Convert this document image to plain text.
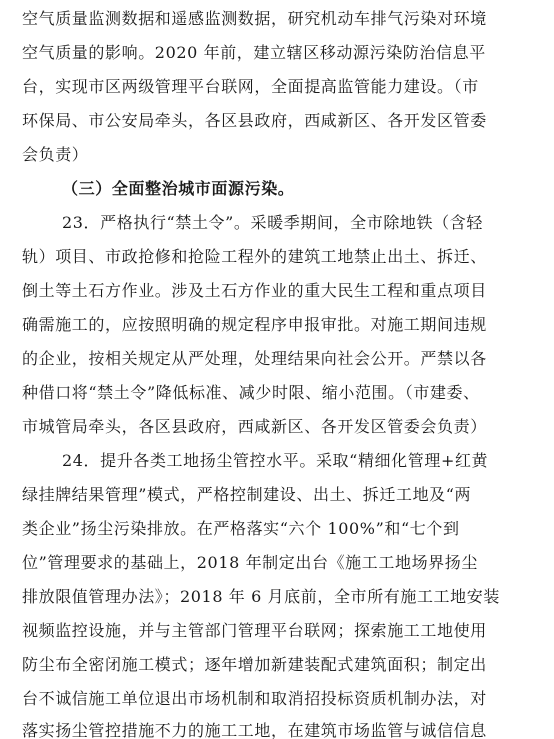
空气质量监测数据和遥感监测数据，研究机动车排气污染对环境
空气质量的影响。2020 年前，建立辖区移动源污染防治信息平
台，实现市区两级管理平台联网，全面提高监管能力建设。（市
环保局、市公安局牵头，各区县政府，西咸新区、各开发区管委
会负责）
（三）全面整治城市面源污染。
23．严格执行“禁土令”。采暖季期间，全市除地铁（含轻
轨）项目、市政抢修和抢险工程外的建筑工地禁止出土、拆迁、
倒土等土石方作业。涉及土石方作业的重大民生工程和重点项目
确需施工的，应按照明确的规定程序申报审批。对施工期间违规
的企业，按相关规定从严处理，处理结果向社会公开。严禁以各
种借口将“禁土令”降低标准、减少时限、缩小范围。（市建委、
市城管局牵头，各区县政府，西咸新区、各开发区管委会负责）
24．提升各类工地扬尘管控水平。采取“精细化管理+红黄
绿挂牌结果管理”模式，严格控制建设、出土、拆迁工地及“两
类企业”扬尘污染排放。在严格落实“六个 100%”和“七个到
位”管理要求的基础上，2018 年制定出台《施工工地场界扬尘
排放限值管理办法》；2018 年 6 月底前，全市所有施工工地安装
视频监控设施，并与主管部门管理平台联网；探索施工工地使用
防尘布全密闭施工模式；逐年增加新建装配式建筑面积；制定出
台不诚信施工单位退出市场机制和取消招投标资质机制办法，对
落实扬尘管控措施不力的施工工地，在建筑市场监管与诚信信息
